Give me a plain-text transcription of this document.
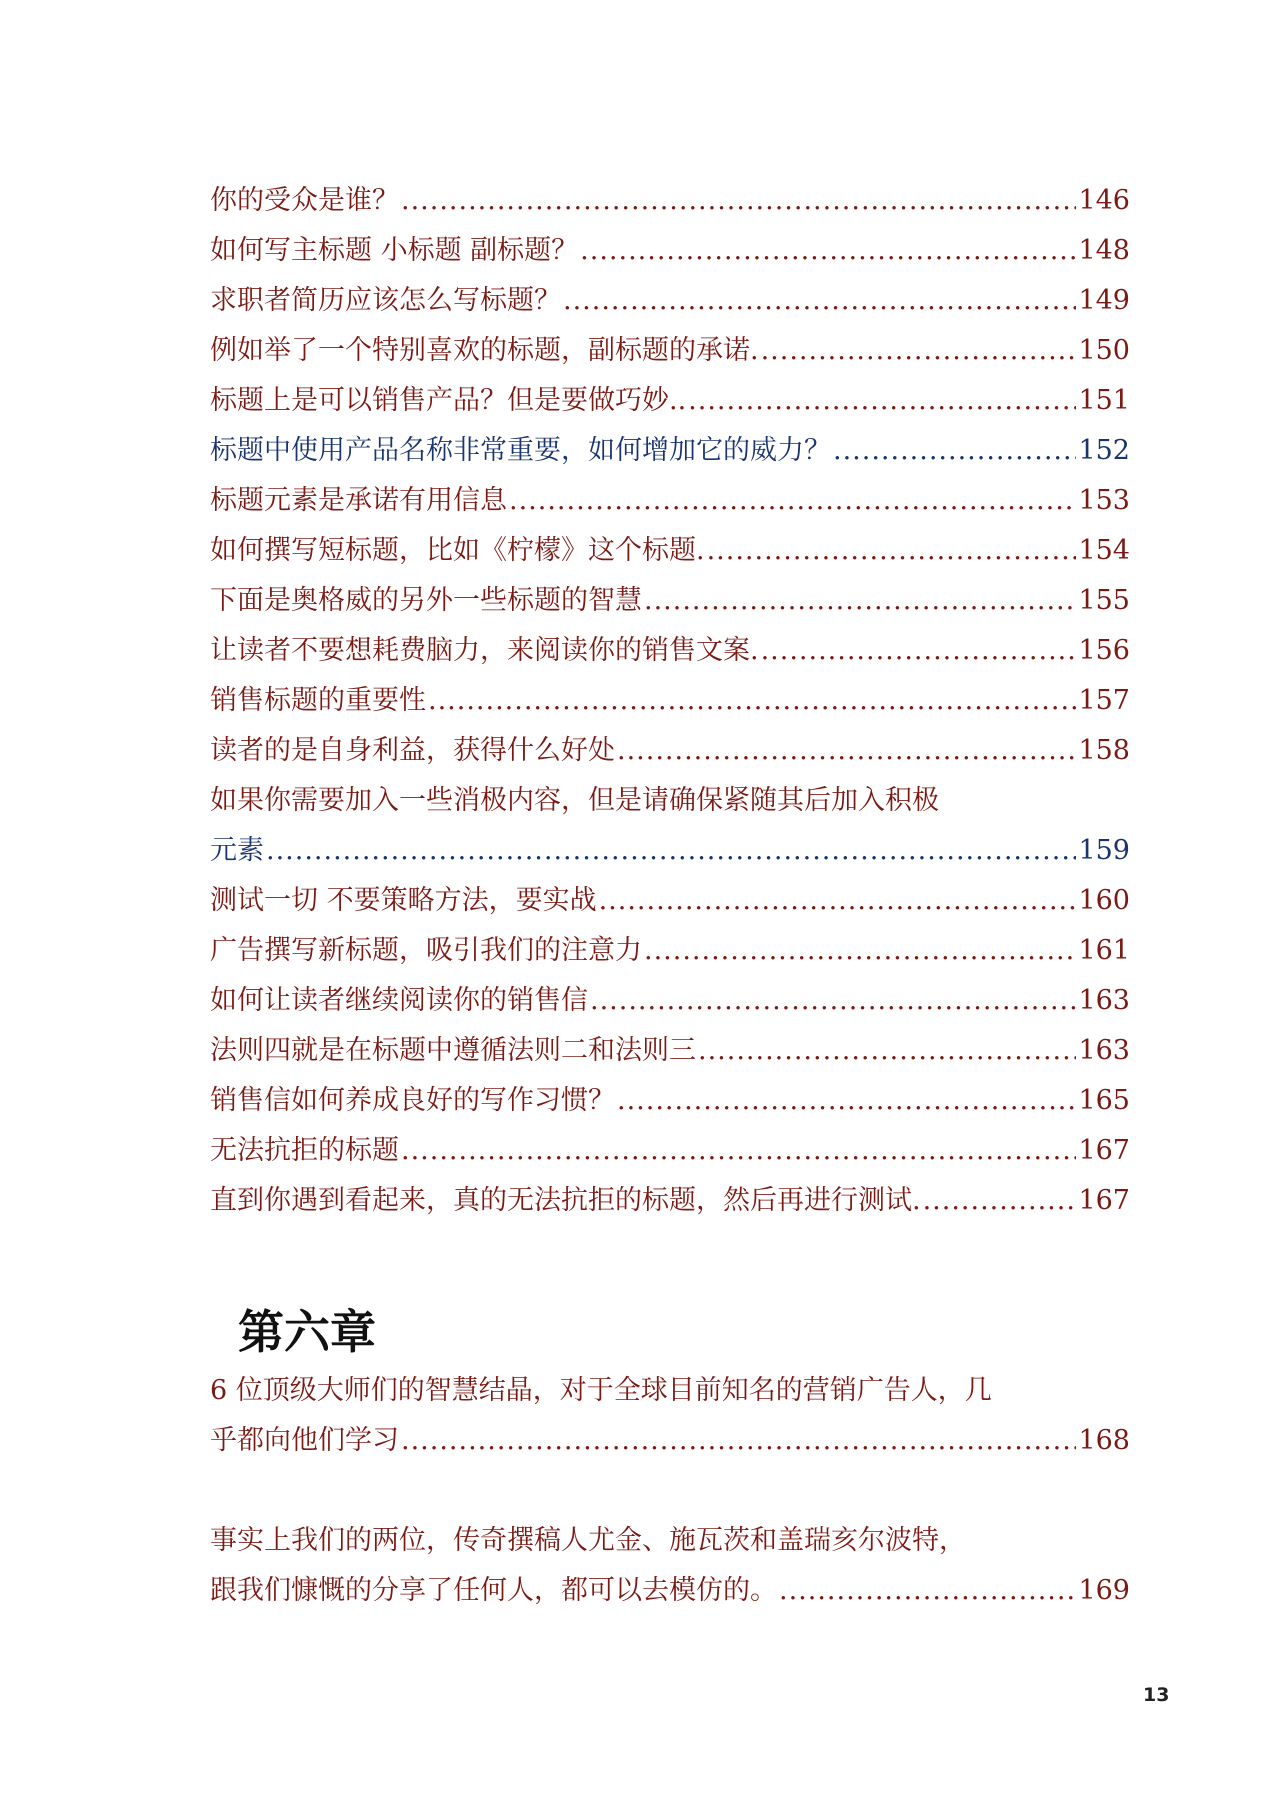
你的受众是谁？ .....	146
如何写主标题 小标题 副标题？ .....	148
求职者简历应该怎么写标题？ .....	149
例如举了一个特别喜欢的标题，副标题的承诺. .....	150
标题上是可以销售产品？但是要做巧妙.. .....	151
标题中使用产品名称非常重要，如何增加它的威力？ .....	152
标题元素是承诺有用信息 .....	153
如何撰写短标题，比如《柠檬》这个标题. .....	154
下面是奥格威的另外一些标题的智慧 .....	155
让读者不要想耗费脑力，来阅读你的销售文案. .....	156
销售标题的重要性 .....	157
读者的是自身利益，获得什么好处 .....	158
如果你需要加入一些消极内容，但是请确保紧随其后加入积极
元素 .....	159
测试一切 不要策略方法，要实战 .....	160
广告撰写新标题，吸引我们的注意力 .....	161
如何让读者继续阅读你的销售信 .....	163
法则四就是在标题中遵循法则二和法则三 .....	163
销售信如何养成良好的写作习惯？ .....	165
无法抗拒的标题 .....	167
直到你遇到看起来，真的无法抗拒的标题，然后再进行测试. .....	167
第六章
6 位顶级大师们的智慧结晶，对于全球目前知名的营销广告人，几
乎都向他们学习 .....	168
事实上我们的两位，传奇撰稿人尤金、施瓦茨和盖瑞亥尔波特，
跟我们慷慨的分享了任何人，都可以去模仿的。 .....	169
13
